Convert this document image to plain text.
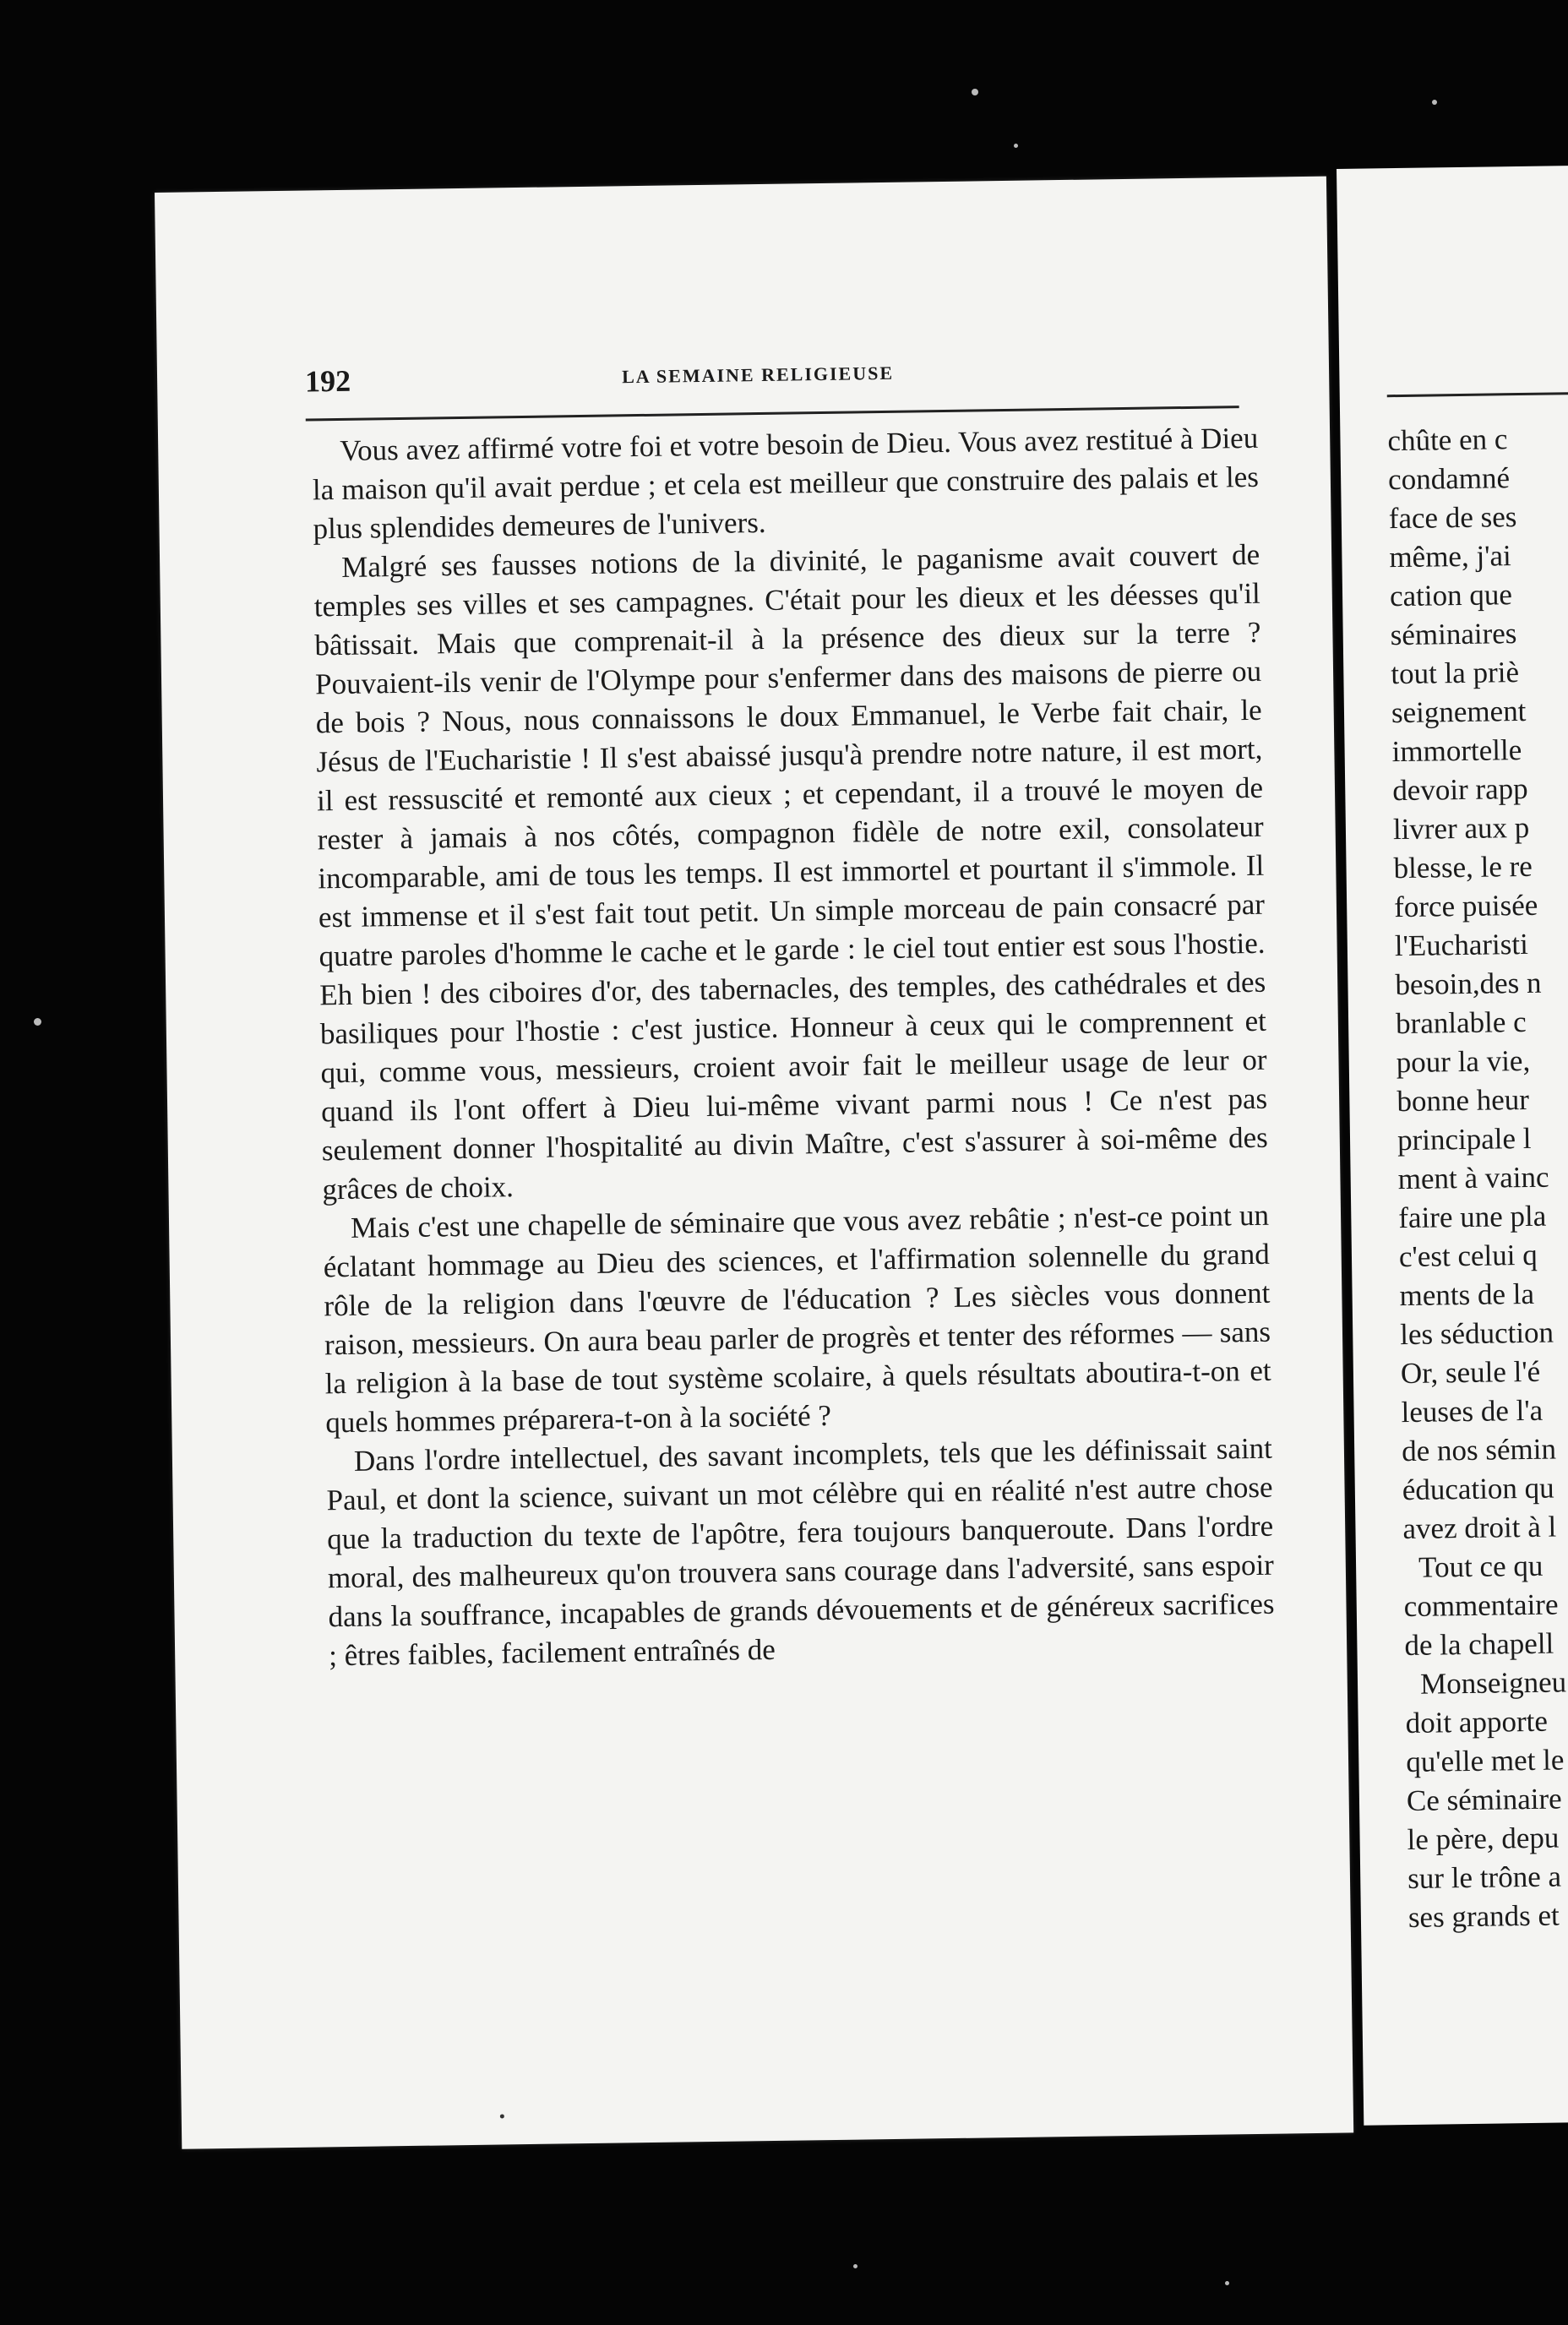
192	LA SEMAINE RELIGIEUSE

Vous avez affirmé votre foi et votre besoin de Dieu. Vous avez restitué à Dieu la maison qu'il avait perdue ; et cela est meilleur que construire des palais et les plus splendides demeures de l'univers.

Malgré ses fausses notions de la divinité, le paganisme avait couvert de temples ses villes et ses campagnes. C'était pour les dieux et les déesses qu'il bâtissait. Mais que comprenait-il à la présence des dieux sur la terre ? Pouvaient-ils venir de l'Olympe pour s'enfermer dans des maisons de pierre ou de bois ? Nous, nous connaissons le doux Emmanuel, le Verbe fait chair, le Jésus de l'Eucharistie ! Il s'est abaissé jusqu'à prendre notre nature, il est mort, il est ressuscité et remonté aux cieux ; et cependant, il a trouvé le moyen de rester à jamais à nos côtés, compagnon fidèle de notre exil, consolateur incomparable, ami de tous les temps. Il est immortel et pourtant il s'immole. Il est immense et il s'est fait tout petit. Un simple morceau de pain consacré par quatre paroles d'homme le cache et le garde : le ciel tout entier est sous l'hostie. Eh bien ! des ciboires d'or, des tabernacles, des temples, des cathédrales et des basiliques pour l'hostie : c'est justice. Honneur à ceux qui le comprennent et qui, comme vous, messieurs, croient avoir fait le meilleur usage de leur or quand ils l'ont offert à Dieu lui-même vivant parmi nous ! Ce n'est pas seulement donner l'hospitalité au divin Maître, c'est s'assurer à soi-même des grâces de choix.

Mais c'est une chapelle de séminaire que vous avez rebâtie ; n'est-ce point un éclatant hommage au Dieu des sciences, et l'affirmation solennelle du grand rôle de la religion dans l'œuvre de l'éducation ? Les siècles vous donnent raison, messieurs. On aura beau parler de progrès et tenter des réformes — sans la religion à la base de tout système scolaire, à quels résultats aboutira-t-on et quels hommes préparera-t-on à la société ?

Dans l'ordre intellectuel, des savant incomplets, tels que les définissait saint Paul, et dont la science, suivant un mot célèbre qui en réalité n'est autre chose que la traduction du texte de l'apôtre, fera toujours banqueroute. Dans l'ordre moral, des malheureux qu'on trouvera sans courage dans l'adversité, sans espoir dans la souffrance, incapables de grands dévouements et de généreux sacrifices ; êtres faibles, facilement entraînés de

chûte en c
condamné
face de ses
même, j'ai
cation que
séminaires
tout la priè
seignement
immortelle
devoir rapp
livrer aux p
blesse, le re
force puisée
l'Eucharisti
besoin,des n
branlable c
pour la vie,
bonne heur
principale l
ment à vainc
faire une pla
c'est celui q
ments de la
les séduction
Or, seule l'é
leuses de l'a
de nos sémin
éducation qu
avez droit à l
Tout ce qu
commentaire
de la chapell
Monseigneu
doit apporte
qu'elle met le
Ce séminaire
le père, depu
sur le trône a
ses grands et
